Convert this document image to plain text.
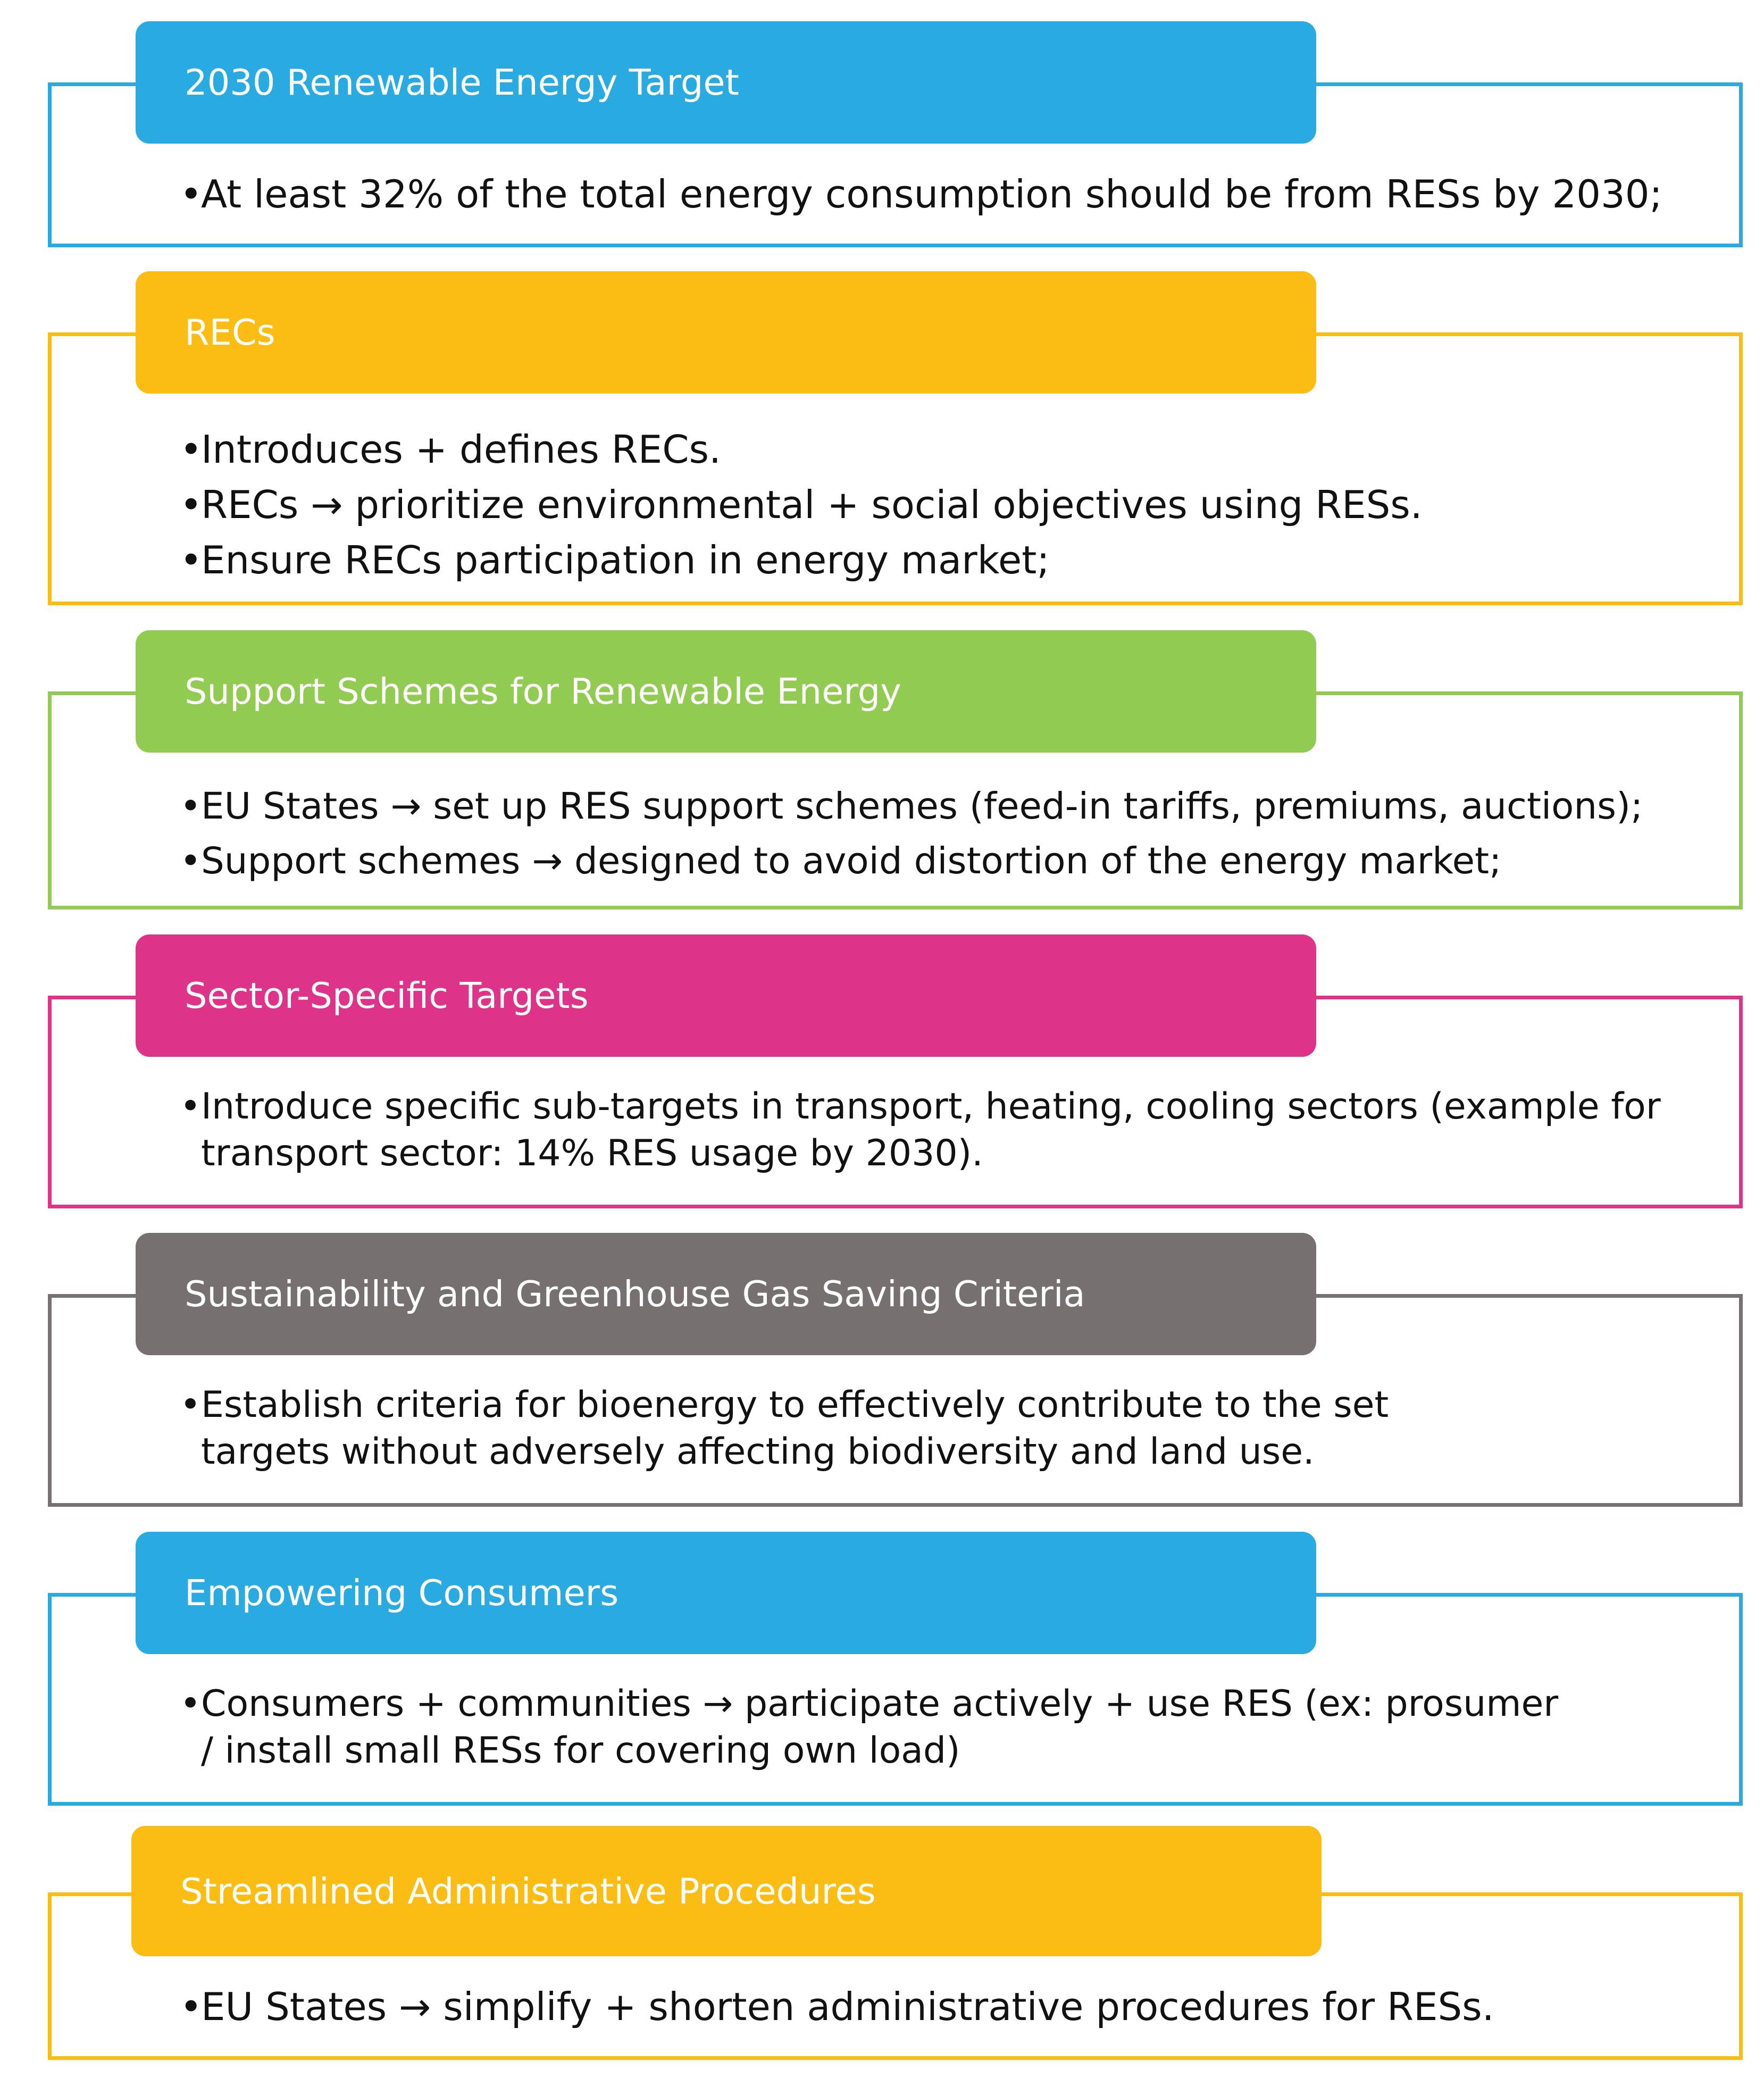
2030 Renewable Energy Target
•
At least 32% of the total energy consumption should be from RESs by 2030;
RECs
•
Introduces + defines RECs.
•
RECs → prioritize environmental + social objectives using RESs.
•
Ensure RECs participation in energy market;
Support Schemes for Renewable Energy
• EU States → set up RES support schemes (feed-in tariffs, premiums, auctions);
• Support schemes → designed to avoid distortion of the energy market;
Sector-Specific Targets
• Introduce specific sub-targets in transport, heating, cooling sectors (example for transport sector: 14% RES usage by 2030).
Sustainability and Greenhouse Gas Saving Criteria
• Establish criteria for bioenergy to effectively contribute to the set targets without adversely affecting biodiversity and land use.
Empowering Consumers
• Consumers + communities → participate actively + use RES (ex: prosumer / install small RESs for covering own load)
Streamlined Administrative Procedures
•
EU States → simplify + shorten administrative procedures for RESs.
